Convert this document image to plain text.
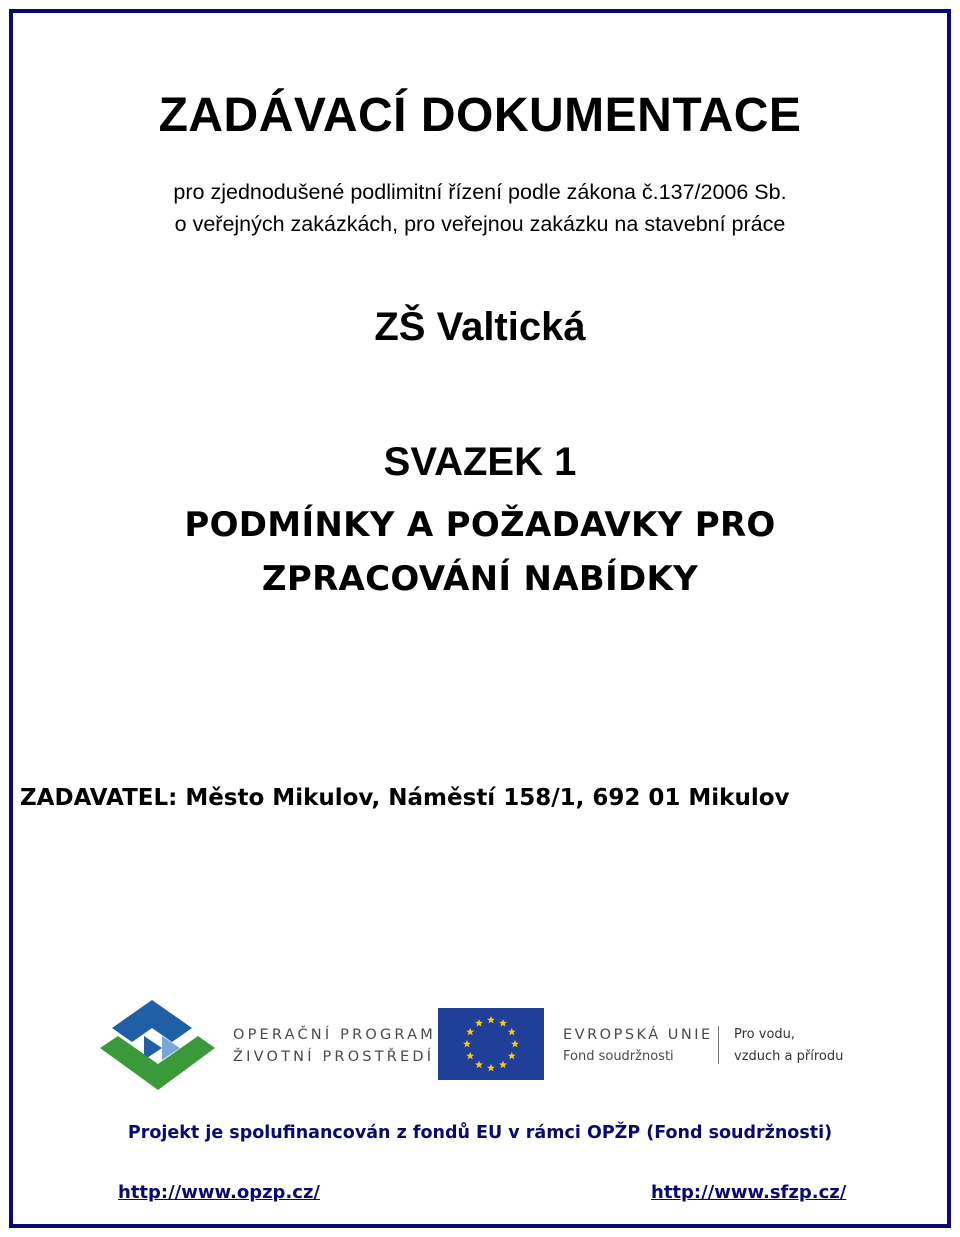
ZADÁVACÍ DOKUMENTACE
pro zjednodušené podlimitní řízení podle zákona č.137/2006 Sb.
o veřejných zakázkách, pro veřejnou zakázku na stavební práce
ZŠ Valtická
SVAZEK 1
PODMÍNKY A POŽADAVKY PRO
ZPRACOVÁNÍ NABÍDKY
ZADAVATEL: Město Mikulov, Náměstí 158/1, 692 01 Mikulov
OPERAČNÍ PROGRAM
ŽIVOTNÍ PROSTŘEDÍ
EVROPSKÁ UNIE
Fond soudržnosti
Pro vodu,
vzduch a přírodu
Projekt je spolufinancován z fondů EU v rámci OPŽP (Fond soudržnosti)
http://www.opzp.cz/	http://www.sfzp.cz/
